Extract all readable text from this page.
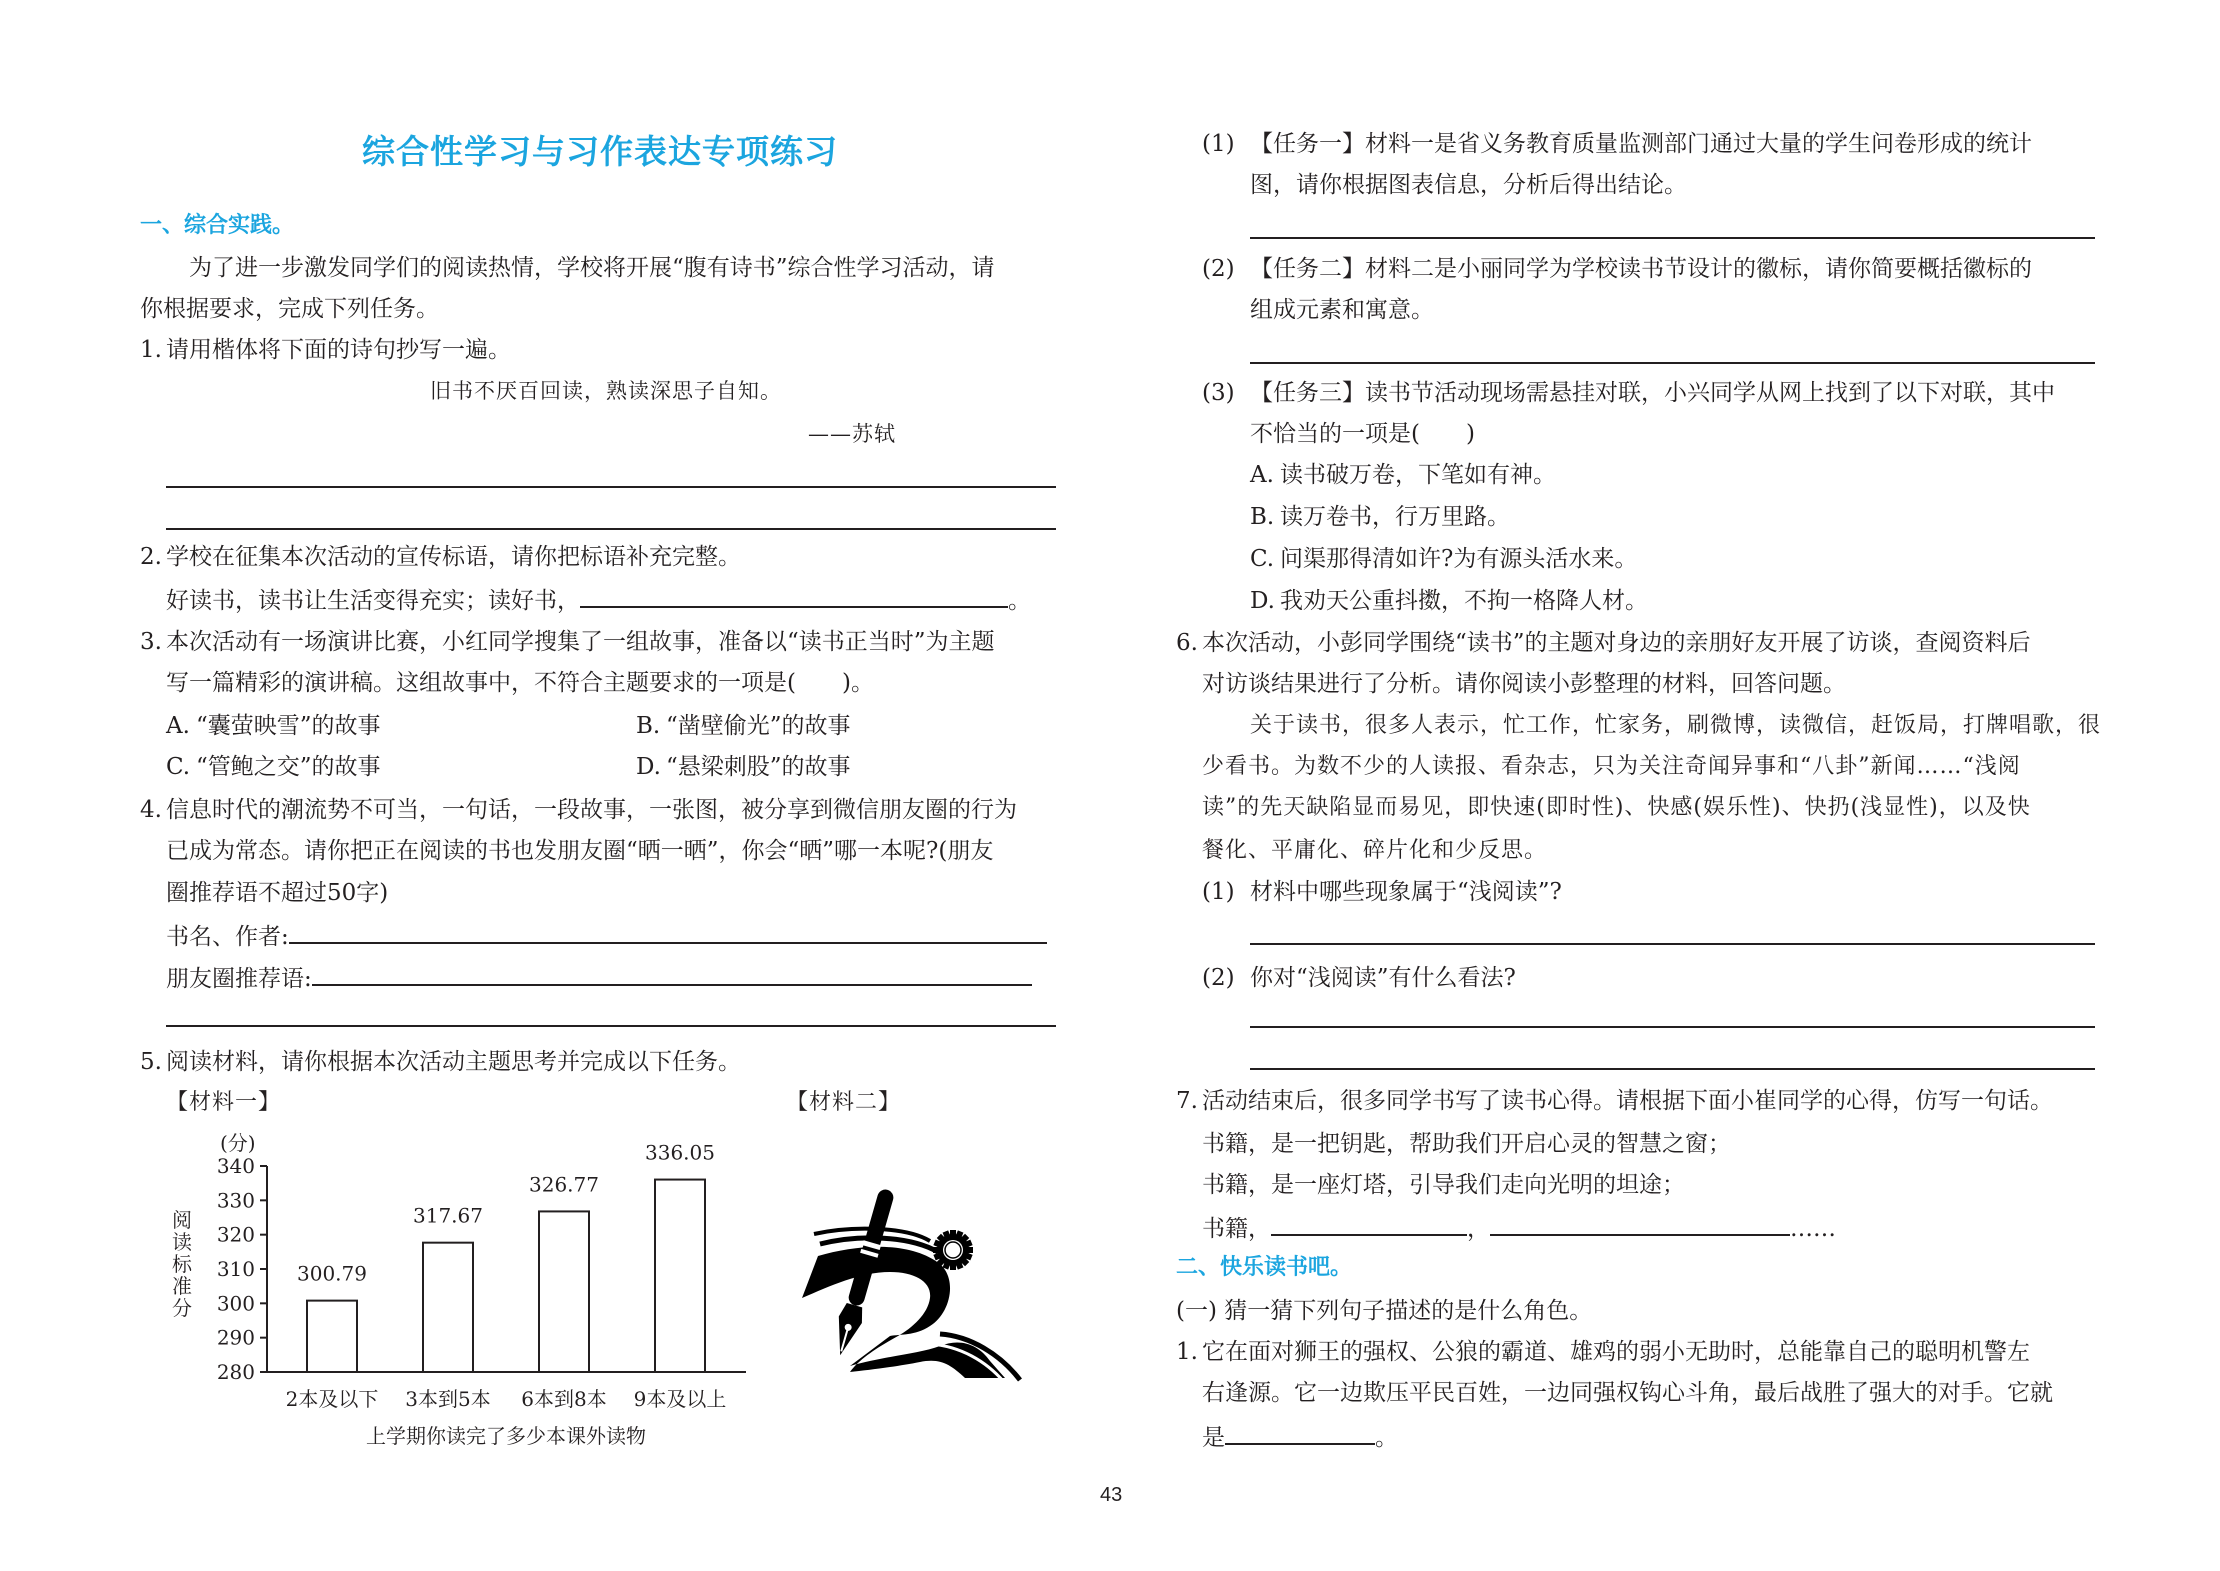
综合性学习与习作表达专项练习
一、综合实践。
为了进一步激发同学们的阅读热情，学校将开展“腹有诗书”综合性学习活动，请
你根据要求，完成下列任务。
1. 请用楷体将下面的诗句抄写一遍。
旧书不厌百回读，熟读深思子自知。
——苏轼
2. 学校在征集本次活动的宣传标语，请你把标语补充完整。
好读书，读书让生活变得充实；读好书，	。
3. 本次活动有一场演讲比赛，小红同学搜集了一组故事，准备以“读书正当时”为主题
写一篇精彩的演讲稿。这组故事中，不符合主题要求的一项是( )。
A. “囊萤映雪”的故事	B. “凿壁偷光”的故事
C. “管鲍之交”的故事	D. “悬梁刺股”的故事
4. 信息时代的潮流势不可当，一句话，一段故事，一张图，被分享到微信朋友圈的行为
已成为常态。请你把正在阅读的书也发朋友圈“晒一晒”，你会“晒”哪一本呢?(朋友
圈推荐语不超过50字)
书名、作者:
朋友圈推荐语:
5. 阅读材料，请你根据本次活动主题思考并完成以下任务。
【材料一】	【材料二】
(分)
阅读标准分
280
290
300
310
320
330
340
300.79
317.67
326.77
336.05
2本及以下 3本到5本 6本到8本 9本及以上
上学期你读完了多少本课外读物
(1) 【任务一】材料一是省义务教育质量监测部门通过大量的学生问卷形成的统计
图，请你根据图表信息，分析后得出结论。
(2) 【任务二】材料二是小丽同学为学校读书节设计的徽标，请你简要概括徽标的
组成元素和寓意。
(3) 【任务三】读书节活动现场需悬挂对联，小兴同学从网上找到了以下对联，其中
不恰当的一项是( )
A. 读书破万卷，下笔如有神。
B. 读万卷书，行万里路。
C. 问渠那得清如许?为有源头活水来。
D. 我劝天公重抖擞，不拘一格降人材。
6. 本次活动，小彭同学围绕“读书”的主题对身边的亲朋好友开展了访谈，查阅资料后
对访谈结果进行了分析。请你阅读小彭整理的材料，回答问题。
关于读书，很多人表示，忙工作，忙家务，刷微博，读微信，赶饭局，打牌唱歌，很
少看书。为数不少的人读报、看杂志，只为关注奇闻异事和“八卦”新闻……“浅阅
读”的先天缺陷显而易见，即快速(即时性)、快感(娱乐性)、快扔(浅显性)，以及快
餐化、平庸化、碎片化和少反思。
(1) 材料中哪些现象属于“浅阅读”?
(2) 你对“浅阅读”有什么看法?
7. 活动结束后，很多同学书写了读书心得。请根据下面小崔同学的心得，仿写一句话。
书籍，是一把钥匙，帮助我们开启心灵的智慧之窗；
书籍，是一座灯塔，引导我们走向光明的坦途；
书籍，	，	……
二、快乐读书吧。
(一) 猜一猜下列句子描述的是什么角色。
1. 它在面对狮王的强权、公狼的霸道、雄鸡的弱小无助时，总能靠自己的聪明机警左
右逢源。它一边欺压平民百姓，一边同强权钩心斗角，最后战胜了强大的对手。它就
是	。
43
